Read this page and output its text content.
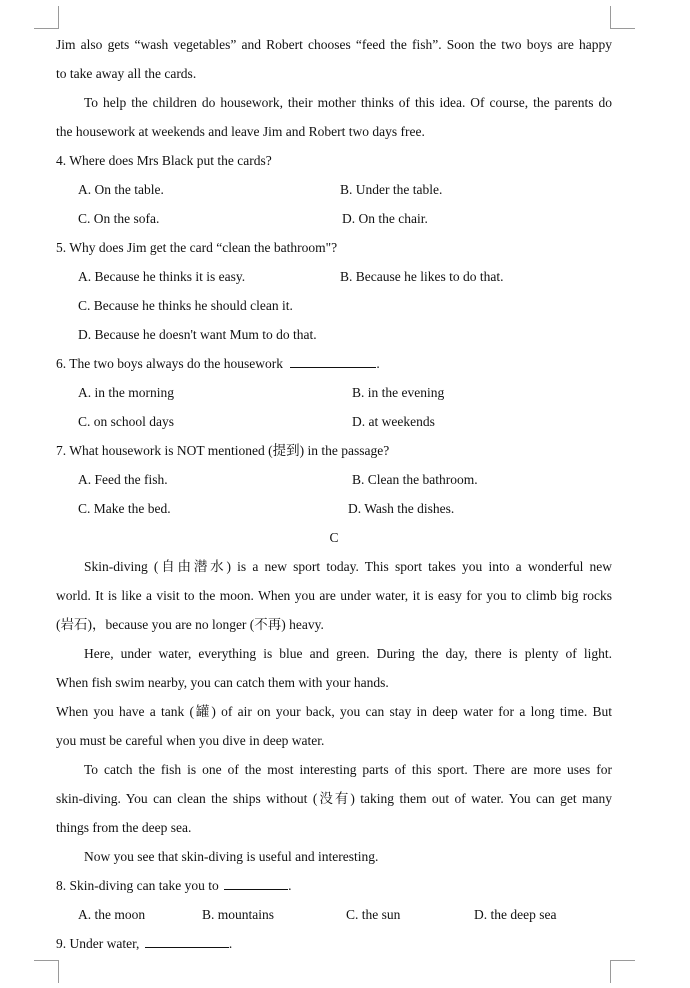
Jim also gets “wash vegetables” and Robert chooses “feed the fish”. Soon the two boys are happy
to take away all the cards.
To help the children do housework, their mother thinks of this idea. Of course, the parents do
the housework at weekends and leave Jim and Robert two days free.
4. Where does Mrs Black put the cards?
A. On the table.	B. Under the table.
C. On the sofa.	D. On the chair.
5. Why does Jim get the card “clean the bathroom"?
A. Because he thinks it is easy.	B. Because he likes to do that.
C. Because he thinks he should clean it.
D. Because he doesn't want Mum to do that.
6. The two boys always do the housework	.
A. in the morning	B. in the evening
C. on school days	D. at weekends
7. What housework is NOT mentioned (提到) in the passage?
A. Feed the fish.	B. Clean the bathroom.
C. Make the bed.	D. Wash the dishes.
C
Skin-diving (自由潜水) is a new sport today. This sport takes you into a wonderful new
world. It is like a visit to the moon. When you are under water, it is easy for you to climb big rocks
(岩石)，because you are no longer (不再) heavy.
Here, under water, everything is blue and green. During the day, there is plenty of light.
When fish swim nearby, you can catch them with your hands.
When you have a tank (罐) of air on your back, you can stay in deep water for a long time. But
you must be careful when you dive in deep water.
To catch the fish is one of the most interesting parts of this sport. There are more uses for
skin-diving. You can clean the ships without (没有) taking them out of water. You can get many
things from the deep sea.
Now you see that skin-diving is useful and interesting.
8. Skin-diving can take you to	.
A. the moon	B. mountains	C. the sun	D. the deep sea
9. Under water,	.
